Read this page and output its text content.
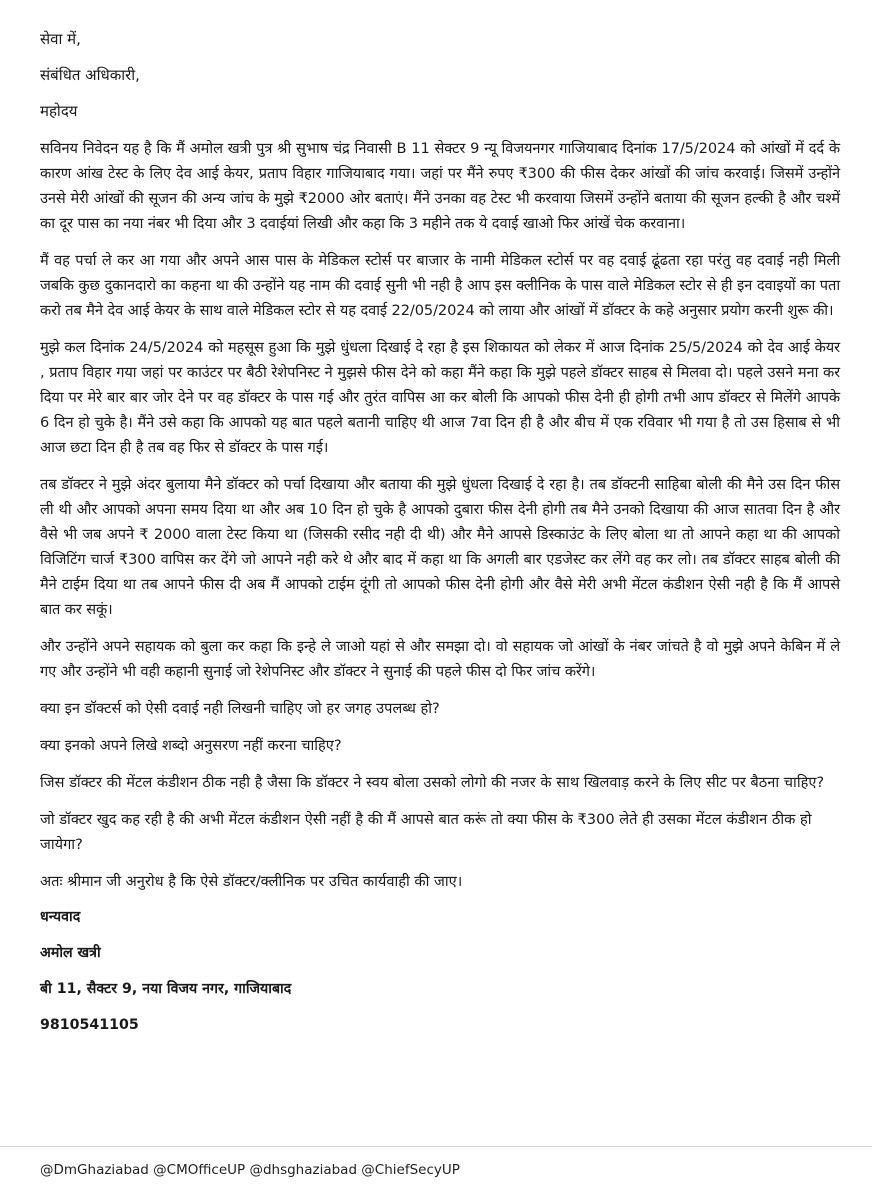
सेवा में,

संबंधित अधिकारी,

महोदय

सविनय निवेदन यह है कि मैं अमोल खत्री पुत्र श्री सुभाष चंद्र निवासी B 11 सेक्टर 9 न्यू विजयनगर गाजियाबाद दिनांक 17/5/2024 को आंखों में दर्द के कारण आंख टेस्ट के लिए देव आई केयर, प्रताप विहार गाजियाबाद गया। जहां पर मैंने रुपए ₹300 की फीस देकर आंखों की जांच करवाई। जिसमें उन्होंने उनसे मेरी आंखों की सूजन की अन्य जांच के मुझे ₹2000 ओर बताएं। मैंने उनका वह टेस्ट भी करवाया जिसमें उन्होंने बताया की सूजन हल्की है और चश्में का दूर पास का नया नंबर भी दिया और 3 दवाईयां लिखी और कहा कि 3 महीने तक ये दवाई खाओ फिर आंखें चेक करवाना।

मैं वह पर्चा ले कर आ गया और अपने आस पास के मेडिकल स्टोर्स पर बाजार के नामी मेडिकल स्टोर्स पर वह दवाई ढूंढता रहा परंतु वह दवाई नही मिली जबकि कुछ दुकानदारो का कहना था की उन्होंने यह नाम की दवाई सुनी भी नही है आप इस क्लीनिक के पास वाले मेडिकल स्टोर से ही इन दवाइयों का पता करो तब मैने देव आई केयर के साथ वाले मेडिकल स्टोर से यह दवाई 22/05/2024 को लाया और आंखों में डॉक्टर के कहे अनुसार प्रयोग करनी शुरू की।

मुझे कल दिनांक 24/5/2024 को महसूस हुआ कि मुझे धुंधला दिखाई दे रहा है इस शिकायत को लेकर में आज दिनांक 25/5/2024 को देव आई केयर , प्रताप विहार गया जहां पर काउंटर पर बैठी रेशेपनिस्ट ने मुझसे फीस देने को कहा मैंने कहा कि मुझे पहले डॉक्टर साहब से मिलवा दो। पहले उसने मना कर दिया पर मेरे बार बार जोर देने पर वह डॉक्टर के पास गई और तुरंत वापिस आ कर बोली कि आपको फीस देनी ही होगी तभी आप डॉक्टर से मिलेंगे आपके 6 दिन हो चुके है। मैंने उसे कहा कि आपको यह बात पहले बतानी चाहिए थी आज 7वा दिन ही है और बीच में एक रविवार भी गया है तो उस हिसाब से भी आज छटा दिन ही है तब वह फिर से डॉक्टर के पास गई।

तब डॉक्टर ने मुझे अंदर बुलाया मैने डॉक्टर को पर्चा दिखाया और बताया की मुझे धुंधला दिखाई दे रहा है। तब डॉक्टनी साहिबा बोली की मैने उस दिन फीस ली थी और आपको अपना समय दिया था और अब 10 दिन हो चुके है आपको दुबारा फीस देनी होगी तब मैने उनको दिखाया की आज सातवा दिन है और वैसे भी जब अपने ₹ 2000 वाला टेस्ट किया था (जिसकी रसीद नही दी थी) और मैने आपसे डिस्काउंट के लिए बोला था तो आपने कहा था की आपको विजिटिंग चार्ज ₹300 वापिस कर देंगे जो आपने नही करे थे और बाद में कहा था कि अगली बार एडजेस्ट कर लेंगे वह कर लो। तब डॉक्टर साहब बोली की मैने टाईम दिया था तब आपने फीस दी अब मैं आपको टाईम दूंगी तो आपको फीस देनी होगी और वैसे मेरी अभी मेंटल कंडीशन ऐसी नही है कि मैं आपसे बात कर सकूं।

और उन्होंने अपने सहायक को बुला कर कहा कि इन्हे ले जाओ यहां से और समझा दो। वो सहायक जो आंखों के नंबर जांचते है वो मुझे अपने केबिन में ले गए और उन्होंने भी वही कहानी सुनाई जो रेशेपनिस्ट और डॉक्टर ने सुनाई की पहले फीस दो फिर जांच करेंगे।

क्या इन डॉक्टर्स को ऐसी दवाई नही लिखनी चाहिए जो हर जगह उपलब्ध हो?

क्या इनको अपने लिखे शब्दो अनुसरण नहीं करना चाहिए?

जिस डॉक्टर की मेंटल कंडीशन ठीक नही है जैसा कि डॉक्टर ने स्वय बोला उसको लोगो की नजर के साथ खिलवाड़ करने के लिए सीट पर बैठना चाहिए?

जो डॉक्टर खुद कह रही है की अभी मेंटल कंडीशन ऐसी नहीं है की मैं आपसे बात करूं तो क्या फीस के ₹300 लेते ही उसका मेंटल कंडीशन ठीक हो जायेगा?

अतः श्रीमान जी अनुरोध है कि ऐसे डॉक्टर/क्लीनिक पर उचित कार्यवाही की जाए।

धन्यवाद

अमोल खत्री

बी 11, सैक्टर 9, नया विजय नगर, गाजियाबाद

9810541105

@DmGhaziabad @CMOfficeUP @dhsghaziabad @ChiefSecyUP
